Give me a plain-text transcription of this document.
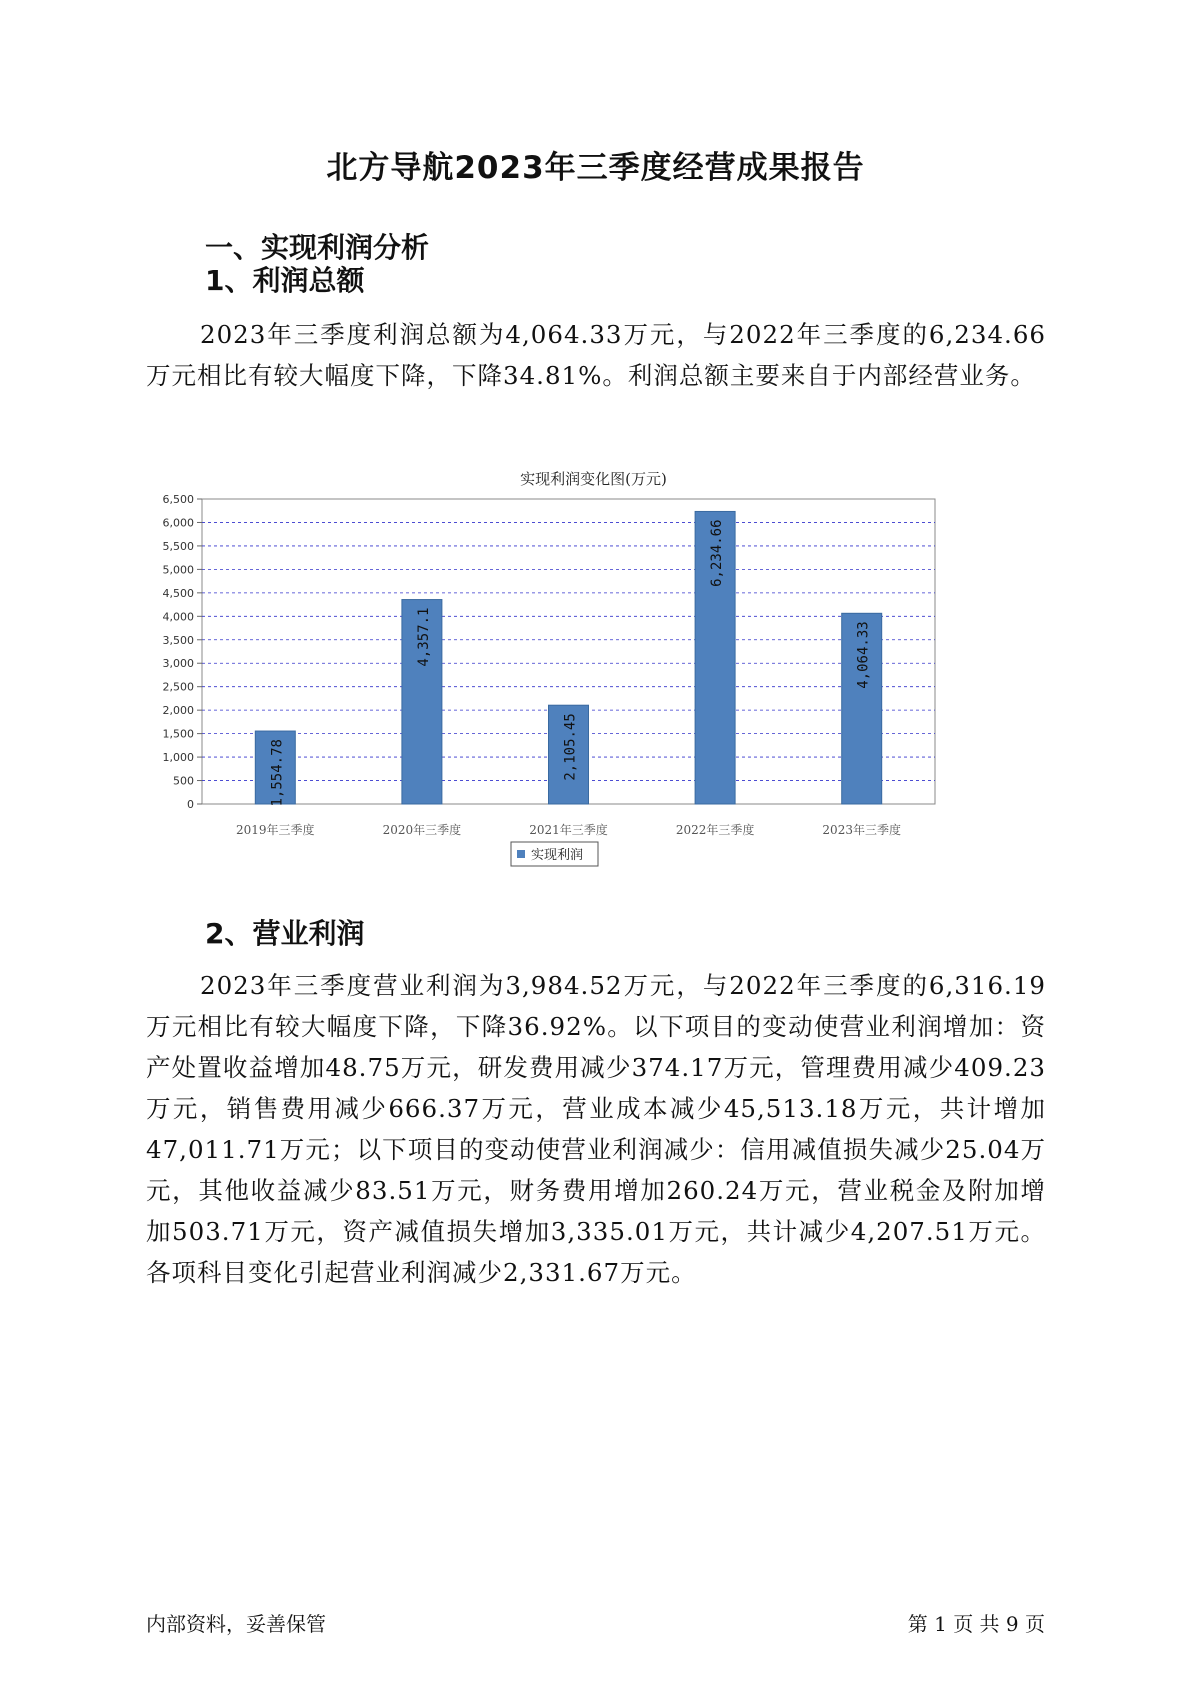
北方导航2023年三季度经营成果报告
一、实现利润分析
1、利润总额
2023年三季度利润总额为4,064.33万元，与2022年三季度的6,234.66万元相比有较大幅度下降，下降34.81%。利润总额主要来自于内部经营业务。
实现利润变化图(万元)
0
500
1,000
1,500
2,000
2,500
3,000
3,500
4,000
4,500
5,000
5,500
6,000
6,500
1,554.78
2019年三季度
4,357.1
2020年三季度
2,105.45
2021年三季度
6,234.66
2022年三季度
4,064.33
2023年三季度
实现利润
2、营业利润
2023年三季度营业利润为3,984.52万元，与2022年三季度的6,316.19万元相比有较大幅度下降，下降36.92%。以下项目的变动使营业利润增加：资产处置收益增加48.75万元，研发费用减少374.17万元，管理费用减少409.23万元，销售费用减少666.37万元，营业成本减少45,513.18万元，共计增加47,011.71万元；以下项目的变动使营业利润减少：信用减值损失减少25.04万元，其他收益减少83.51万元，财务费用增加260.24万元，营业税金及附加增加503.71万元，资产减值损失增加3,335.01万元，共计减少4,207.51万元。各项科目变化引起营业利润减少2,331.67万元。
内部资料，妥善保管	第 1 页 共 9 页
